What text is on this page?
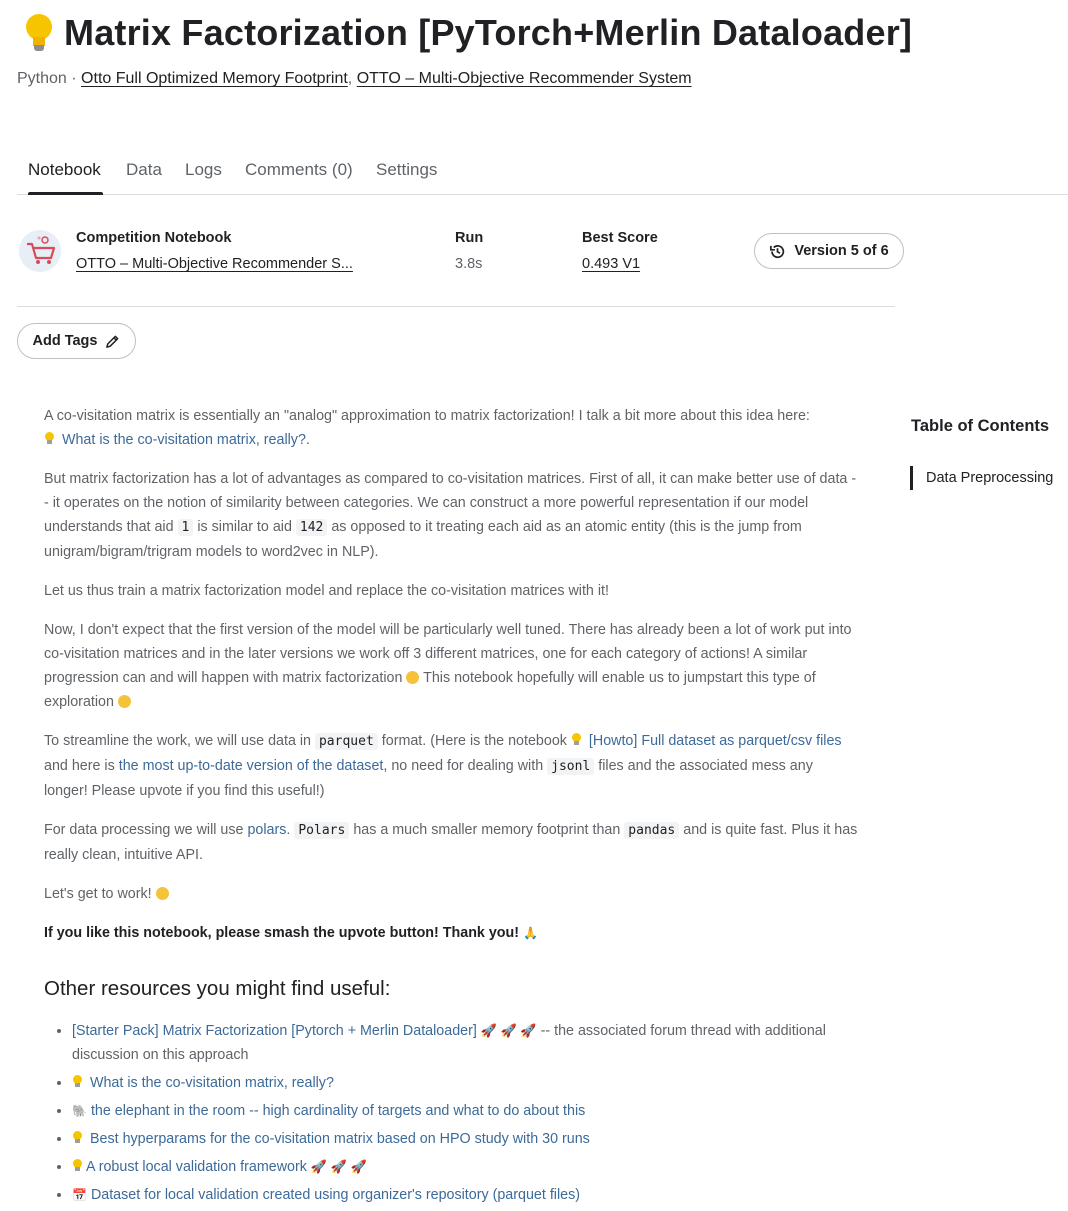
Matrix Factorization [PyTorch+Merlin Dataloader]
Python · Otto Full Optimized Memory Footprint, OTTO – Multi-Objective Recommender System
Notebook Data Logs Comments (0) Settings
Competition Notebook
OTTO – Multi-Objective Recommender S...
Run
3.8s
Best Score
0.493 V1
Version 5 of 6
Add Tags
Table of Contents
Data Preprocessing

A co-visitation matrix is essentially an "analog" approximation to matrix factorization! I talk a bit more about this idea here:
What is the co-visitation matrix, really?.

But matrix factorization has a lot of advantages as compared to co-visitation matrices. First of all, it can make better use of data -- it operates on the notion of similarity between categories. We can construct a more powerful representation if our model understands that aid 1 is similar to aid 142 as opposed to it treating each aid as an atomic entity (this is the jump from unigram/bigram/trigram models to word2vec in NLP).

Let us thus train a matrix factorization model and replace the co-visitation matrices with it!

Now, I don't expect that the first version of the model will be particularly well tuned. There has already been a lot of work put into co-visitation matrices and in the later versions we work off 3 different matrices, one for each category of actions! A similar progression can and will happen with matrix factorization This notebook hopefully will enable us to jumpstart this type of exploration

To streamline the work, we will use data in parquet format. (Here is the notebook [Howto] Full dataset as parquet/csv files and here is the most up-to-date version of the dataset, no need for dealing with jsonl files and the associated mess any longer! Please upvote if you find this useful!)

For data processing we will use polars. Polars has a much smaller memory footprint than pandas and is quite fast. Plus it has really clean, intuitive API.

Let's get to work!

If you like this notebook, please smash the upvote button! Thank you! 🙏

Other resources you might find useful:
• [Starter Pack] Matrix Factorization [Pytorch + Merlin Dataloader] 🚀 🚀 🚀 -- the associated forum thread with additional discussion on this approach
• What is the co-visitation matrix, really?
• 🐘 the elephant in the room -- high cardinality of targets and what to do about this
• Best hyperparams for the co-visitation matrix based on HPO study with 30 runs
• A robust local validation framework 🚀 🚀 🚀
• 📅 Dataset for local validation created using organizer's repository (parquet files)
